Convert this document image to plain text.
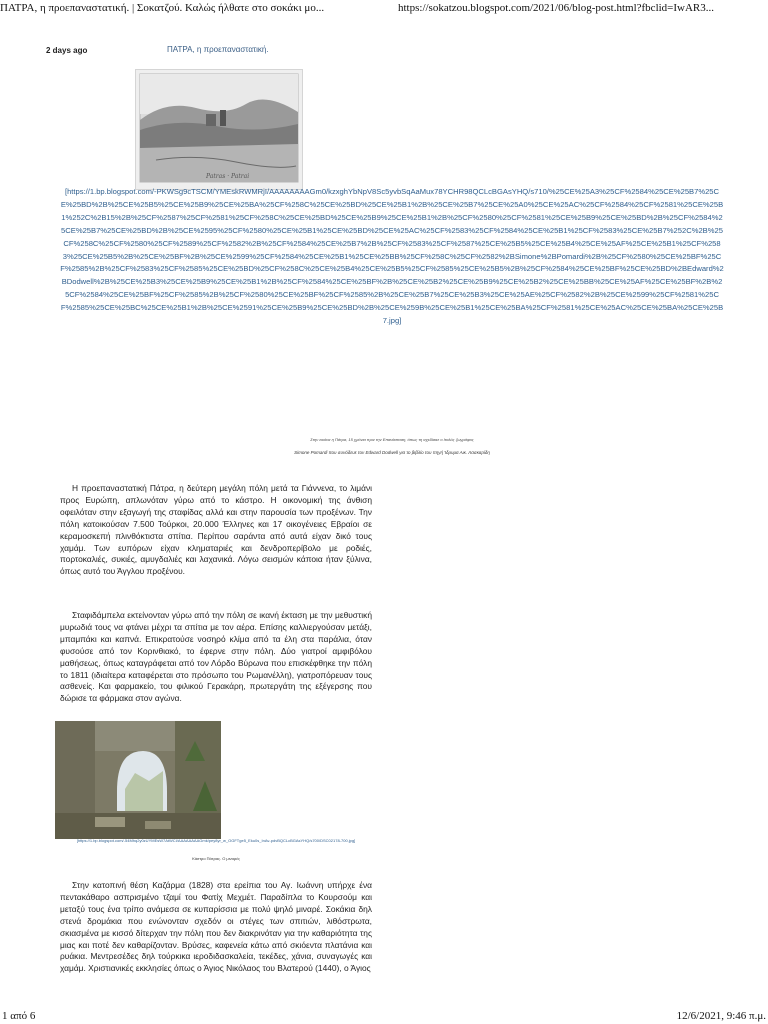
ΠΑΤΡΑ, η προεπαναστατική. | Σοκατζού. Καλώς ήλθατε στο σοκάκι μο...	https://sokatzou.blogspot.com/2021/06/blog-post.html?fbclid=IwAR3...
2 days ago	ΠΑΤΡΑ, η προεπαναστατική.
Patras · Patrai
[https://1.bp.blogspot.com/-PKWSg9cTSCM/YMEskRWMRjI/AAAAAAAAGm0/kzxghYbNpV8Sc5yvbSqAaMux78YCHR98QCLcBGAsYHQ/s710/%25CE%25A3%25CF%2584%25CE%25B7%25CE%25BD%2B%25CE%25B5%25CE%25B9%25CE%25BA%25CF%258C%25CE%25BD%25CE%25B1%2B%25CE%25B7%25CE%25A0%25CE%25AC%25CF%2584%25CF%2581%25CE%25B1%252C%2B15%2B%25CF%2587%25CF%2581%25CF%258C%25CE%25BD%25CE%25B9%25CE%25B1%2B%25CF%2580%25CF%2581%25CE%25B9%25CE%25BD%2B%25CF%2584%25CE%25B7%25CE%25BD%2B%25CE%2595%25CF%2580%25CE%25B1%25CE%25BD%25CE%25AC%25CF%2583%25CF%2584%25CE%25B1%25CF%2583%25CE%25B7%252C%2B%25CF%258C%25CF%2580%25CF%2589%25CF%2582%2B%25CF%2584%25CE%25B7%2B%25CF%2583%25CF%2587%25CE%25B5%25CE%25B4%25CE%25AF%25CE%25B1%25CF%2583%25CE%25B5%2B%25CE%25BF%2B%25CE%2599%25CF%2584%25CE%25B1%25CE%25BB%25CF%258C%25CF%2582%2BSimone%2BPomardi%2B%25CF%2580%25CE%25BF%25CF%2585%2B%25CF%2583%25CF%2585%25CE%25BD%25CF%258C%25CE%25B4%25CE%25B5%25CF%2585%25CE%25B5%2B%25CF%2584%25CE%25BF%25CE%25BD%2BEdward%2BDodwell%2B%25CE%25B3%25CE%25B9%25CE%25B1%2B%25CF%2584%25CE%25BF%2B%25CE%25B2%25CE%25B9%25CE%25B2%25CE%25BB%25CE%25AF%25CE%25BF%2B%25CF%2584%25CE%25BF%25CF%2585%2B%25CF%2580%25CE%25BF%25CF%2585%2B%25CE%25B7%25CE%25B3%25CE%25AE%25CF%2582%2B%25CE%2599%25CF%2581%25CF%2585%25CE%25BC%25CE%25B1%2B%25CE%2591%25CE%25B9%25CE%25BD%2B%25CE%259B%25CE%25B1%25CE%25BA%25CF%2581%25CE%25AC%25CE%25BA%25CE%25B7.jpg]
Στην εικόνα η Πάτρα, 15 χρόνια πριν την Επανάσταση, όπως τη σχεδίασε ο Ιταλός ζωγράφος
Simone Pomardi που συνόδευε τον Edward Dodwell για το βιβλίο του πηγή Ίδρυμα Αικ. Λασκαρίδη

Η προεπαναστατική Πάτρα, η δεύτερη μεγάλη πόλη μετά τα Γιάννενα, το λιμάνι προς Ευρώπη, απλωνόταν γύρω από το κάστρο. Η οικονομική της άνθιση οφειλόταν στην εξαγωγή της σταφίδας αλλά και στην παρουσία των προξένων. Την πόλη κατοικούσαν 7.500 Τούρκοι, 20.000 Έλληνες και 17 οικογένειες Εβραίοι σε κεραμοσκεπή πλινθόκτιστα σπίτια. Περίπου σαράντα από αυτά είχαν δικό τους χαμάμ. Των ευπόρων είχαν κληματαριές και δενδροπερίβολο με ροδιές, πορτοκαλιές, συκιές, αμυγδαλιές και λαχανικά. Λόγω σεισμών κάποια ήταν ξύλινα, όπως αυτό του Άγγλου προξένου.

Σταφιδάμπελα εκτείνονταν γύρω από την πόλη σε ικανή έκταση με την μεθυστική μυρωδιά τους να φτάνει μέχρι τα σπίτια με τον αέρα. Επίσης καλλιεργούσαν μετάξι, μπαμπάκι και καπνά. Επικρατούσε νοσηρό κλίμα από τα έλη στα παράλια, όταν φυσούσε από τον Κορινθιακό, το έφερνε στην πόλη. Δύο γιατροί αμφιβόλου μαθήσεως, όπως καταγράφεται από τον Λόρδο Βύρωνα που επισκέφθηκε την πόλη το 1811 (ιδιαίτερα καταφέρεται στο πρόσωπο του Ρωμανέλλη), γιατροπόρευαν τους ασθενείς. Και φαρμακείο, του φιλικού Γερακάρη, πρωτεργάτη της εξέγερσης που δώρισε τα φάρμακα στον αγώνα.

[https://1.bp.blogspot.com/-54Mhq2y0zUYMEsW7AtWCI/AAAAAAAAGmk/pey8yr_w_OGFTge5_Eku0s_InAv-pdvBQCLcBGAsYHQ/s700/DSC02178-700.jpg]
Κάστρο Πάτρας. Ο μιναρές

Στην κατοπινή θέση Καζάρμα (1828) στα ερείπια του Αγ. Ιωάννη υπήρχε ένα πεντακάθαρο ασπρισμένο τζαμί του Φατίχ Μεχμέτ. Παραδίπλα το Κουρσούμ και μεταξύ τους ένα τρίπο ανάμεσα σε κυπαρίσσια με πολύ ψηλό μιναρέ. Σοκάκια δηλ στενά δρομάκια που ενώνονταν σχεδόν οι στέγες των σπιτιών, λιθόστρωτα, σκιασμένα με κισσό δίτερχαν την πόλη που δεν διακρινόταν για την καθαριότητα της μιας και ποτέ δεν καθαρίζονταν. Βρύσες, καφενεία κάτω από σκιόεντα πλατάνια και ρυάκια. Μεντρεσέδες δηλ τούρκικα ιεροδιδασκαλεία, τεκέδες, χάνια, συναγωγές και χαμάμ. Χριστιανικές εκκλησίες όπως ο Άγιος Νικόλαος του Βλατερού (1440), ο Άγιος

1 από 6	12/6/2021, 9:46 π.μ.
